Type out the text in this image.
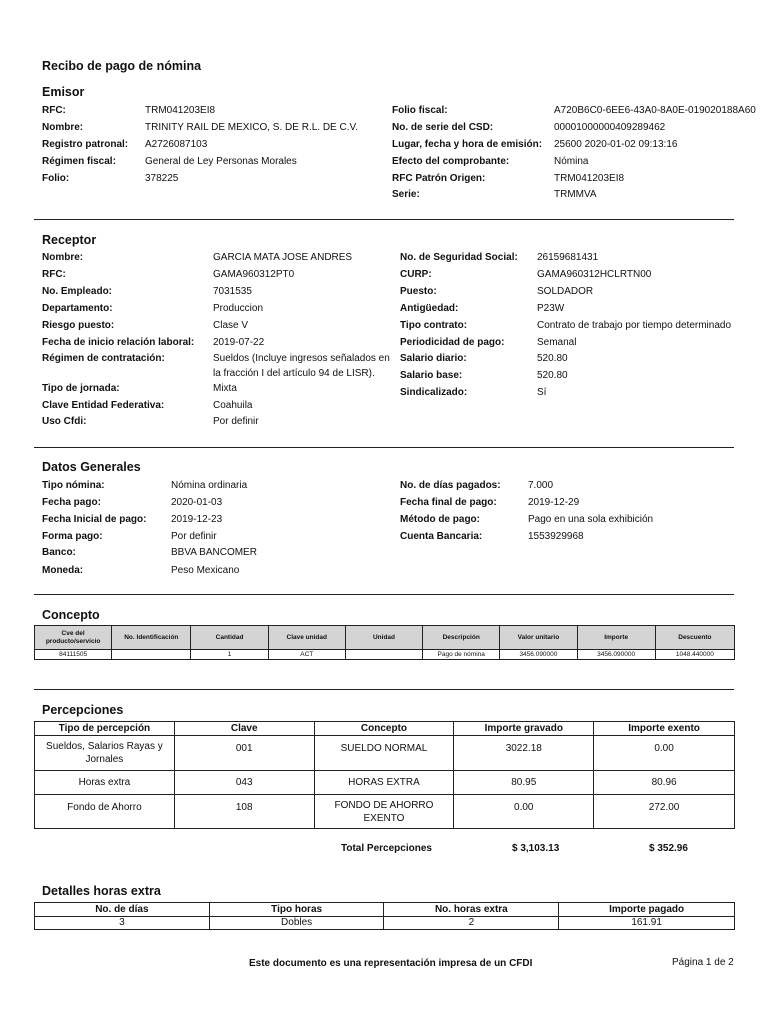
Recibo de pago de nómina
Emisor
RFC:	TRM041203EI8
Nombre:	TRINITY RAIL DE MEXICO, S. DE R.L. DE C.V.
Registro patronal: A2726087103
Régimen fiscal:	General de Ley Personas Morales
Folio:	378225
Folio fiscal:	A720B6C0-6EE6-43A0-8A0E-019020188A60
No. de serie del CSD:	00001000000409289462
Lugar, fecha y hora de emisión: 25600 2020-01-02 09:13:16
Efecto del comprobante:	Nómina
RFC Patrón Origen:	TRM041203EI8
Serie:	TRMMVA
Receptor
Nombre:	GARCIA MATA JOSE ANDRES
RFC:	GAMA960312PT0
No. Empleado:	7031535
Departamento:	Produccion
Riesgo puesto:	Clase V
Fecha de inicio relación laboral: 2019-07-22
Régimen de contratación:	Sueldos (Incluye ingresos señalados en
la fracción I del artículo 94 de LISR).
Tipo de jornada:	Mixta
Clave Entidad Federativa:	Coahuila
Uso Cfdi:	Por definir
No. de Seguridad Social: 26159681431
CURP:	GAMA960312HCLRTN00
Puesto:	SOLDADOR
Antigüedad:	P23W
Tipo contrato:	Contrato de trabajo por tiempo determinado
Periodicidad de pago:	Semanal
Salario diario:	520.80
Salario base:	520.80
Sindicalizado:	Sí
Datos Generales
Tipo nómina:	Nómina ordinaria
Fecha pago:	2020-01-03
Fecha Inicial de pago: 2019-12-23
Forma pago:	Por definir
Banco:	BBVA BANCOMER
Moneda:	Peso Mexicano
No. de días pagados:	7.000
Fecha final de pago:	2019-12-29
Método de pago:	Pago en una sola exhibición
Cuenta Bancaria:	1553929968
Concepto
Cve del producto/servicio	No. Identificación	Cantidad	Clave unidad	Unidad	Descripción	Valor unitario	Importe	Descuento
84111505		1	ACT		Pago de nómina	3456.090000	3456.090000	1048.440000
Percepciones
Tipo de percepción	Clave	Concepto	Importe gravado	Importe exento
Sueldos, Salarios Rayas y
Jornales	001	SUELDO NORMAL	3022.18	0.00
Horas extra	043	HORAS EXTRA	80.95	80.96
Fondo de Ahorro	108	FONDO DE AHORRO
EXENTO	0.00	272.00
Total Percepciones	$ 3,103.13	$ 352.96
Detalles horas extra
No. de días	Tipo horas	No. horas extra	Importe pagado
3	Dobles	2	161.91
Este documento es una representación impresa de un CFDI	Página 1 de 2
